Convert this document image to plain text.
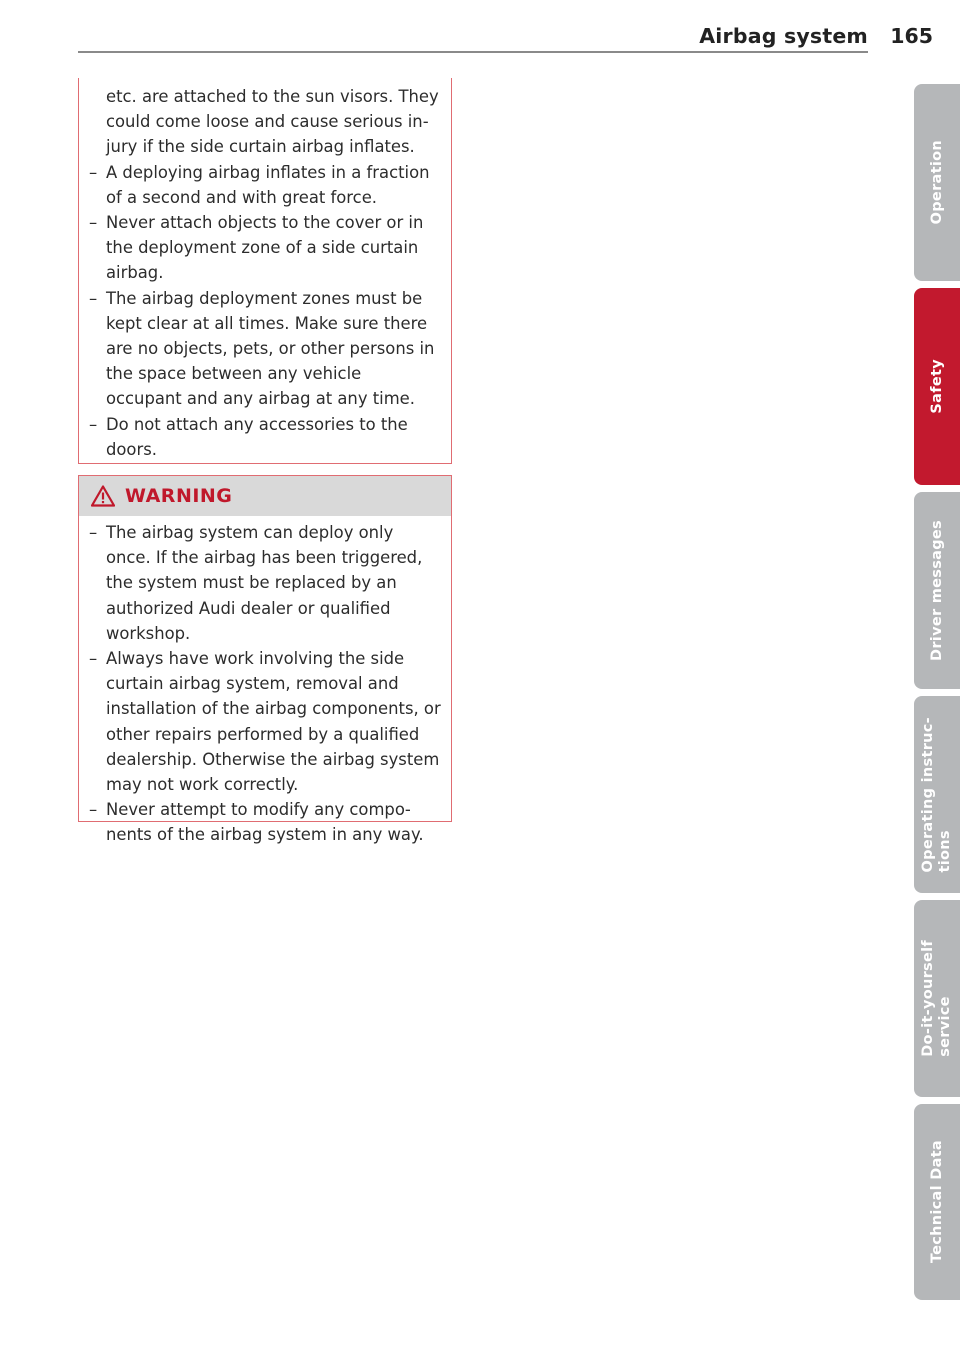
Airbag system 165
etc. are attached to the sun visors. They could come loose and cause serious injury if the side curtain airbag inflates.
– A deploying airbag inflates in a fraction of a second and with great force.
– Never attach objects to the cover or in the deployment zone of a side curtain airbag.
– The airbag deployment zones must be kept clear at all times. Make sure there are no objects, pets, or other persons in the space between any vehicle occupant and any airbag at any time.
– Do not attach any accessories to the doors.
WARNING
– The airbag system can deploy only once. If the airbag has been triggered, the system must be replaced by an authorized Audi dealer or qualified workshop.
– Always have work involving the side curtain airbag system, removal and installation of the airbag components, or other repairs performed by a qualified dealership. Otherwise the airbag system may not work correctly.
– Never attempt to modify any components of the airbag system in any way.
Operation
Safety
Driver messages
Operating instruc-
tions
Do-it-yourself
service
Technical Data
